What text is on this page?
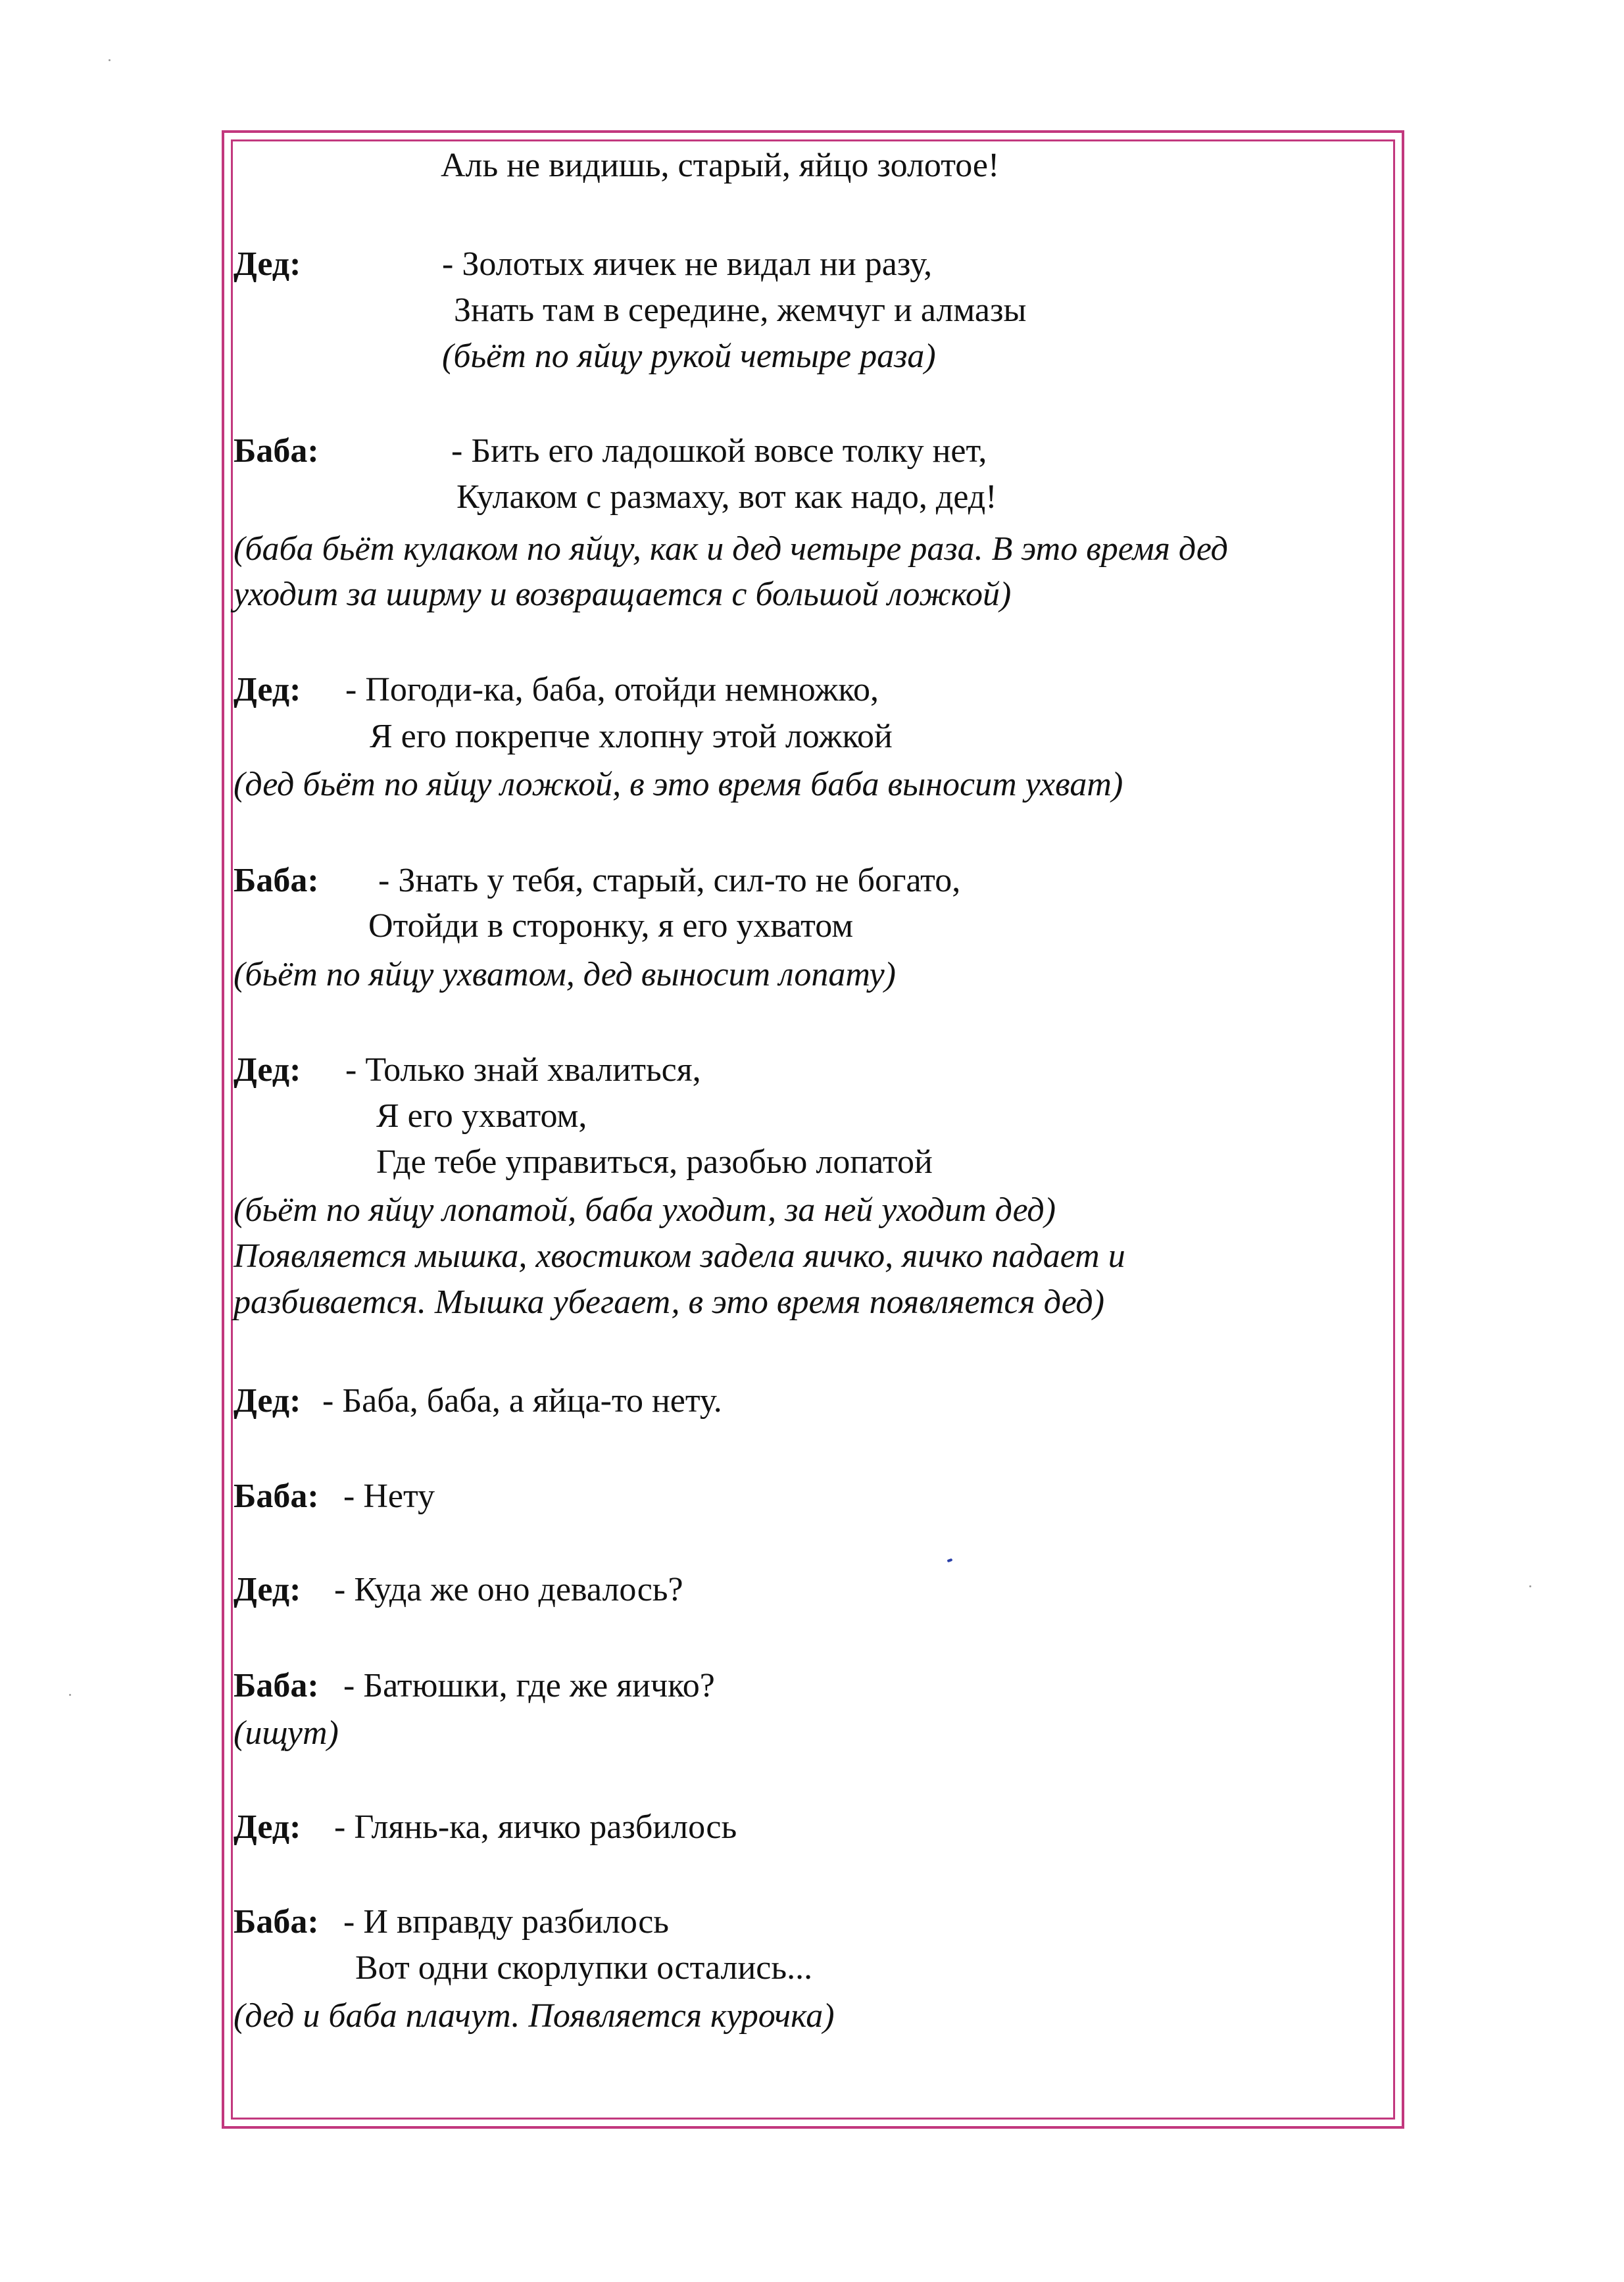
Аль не видишь, старый, яйцо золотое!
Дед:	- Золотых яичек не видал ни разу,
Знать там в середине, жемчуг и алмазы
(бьёт по яйцу рукой четыре раза)
Баба:	- Бить его ладошкой вовсе толку нет,
Кулаком с размаху, вот как надо, дед!
(баба бьёт кулаком по яйцу, как и дед четыре раза. В это время дед
уходит за ширму и возвращается с большой ложкой)
Дед: - Погоди-ка, баба, отойди немножко,
Я его покрепче хлопну этой ложкой
(дед бьёт по яйцу ложкой, в это время баба выносит ухват)
Баба: - Знать у тебя, старый, сил-то не богато,
Отойди в сторонку, я его ухватом
(бьёт по яйцу ухватом, дед выносит лопату)
Дед: - Только знай хвалиться,
Я его ухватом,
Где тебе управиться, разобью лопатой
(бьёт по яйцу лопатой, баба уходит, за ней уходит дед)
Появляется мышка, хвостиком задела яичко, яичко падает и
разбивается. Мышка убегает, в это время появляется дед)
Дед: - Баба, баба, а яйца-то нету.
Баба: - Нету
Дед: - Куда же оно девалось?
Баба: - Батюшки, где же яичко?
(ищут)
Дед: - Глянь-ка, яичко разбилось
Баба: - И вправду разбилось
Вот одни скорлупки остались...
(дед и баба плачут. Появляется курочка)
